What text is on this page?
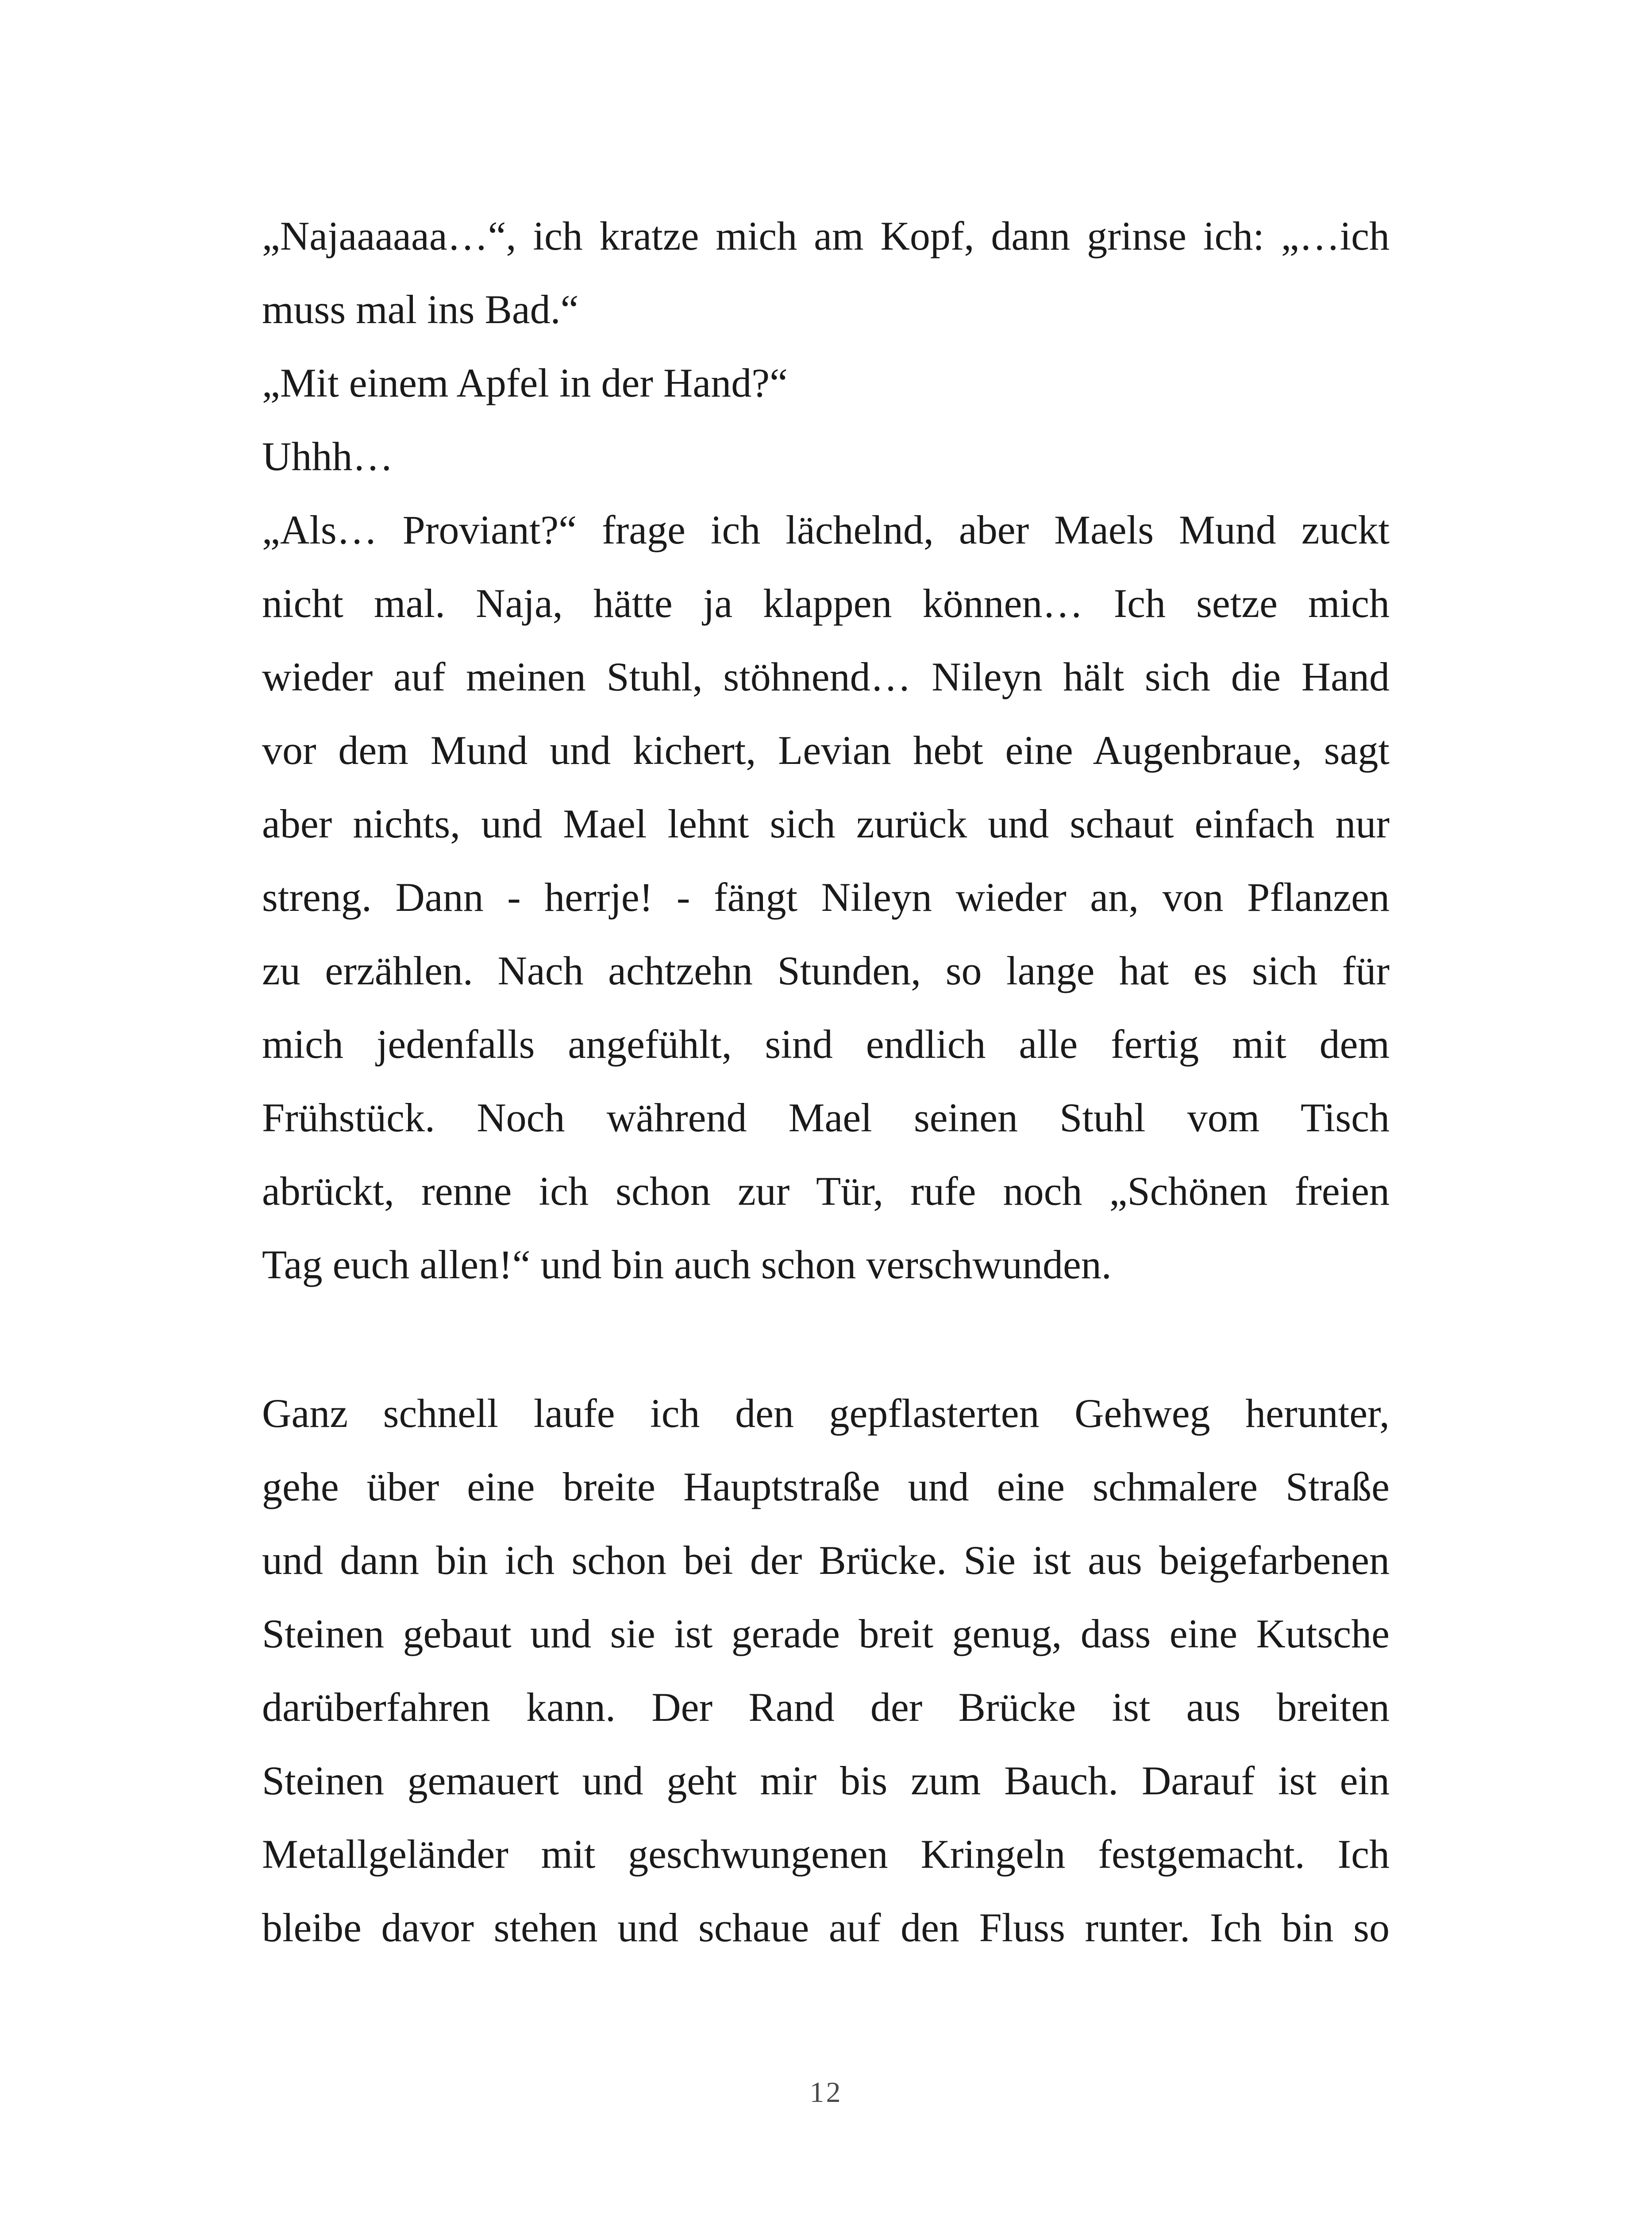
„Najaaaaaa…“, ich kratze mich am Kopf, dann grinse ich: „…ich
muss mal ins Bad.“
„Mit einem Apfel in der Hand?“
Uhhh…
„Als… Proviant?“ frage ich lächelnd, aber Maels Mund zuckt
nicht mal. Naja, hätte ja klappen können… Ich setze mich
wieder auf meinen Stuhl, stöhnend… Nileyn hält sich die Hand
vor dem Mund und kichert, Levian hebt eine Augenbraue, sagt
aber nichts, und Mael lehnt sich zurück und schaut einfach nur
streng. Dann - herrje! - fängt Nileyn wieder an, von Pflanzen
zu erzählen. Nach achtzehn Stunden, so lange hat es sich für
mich jedenfalls angefühlt, sind endlich alle fertig mit dem
Frühstück. Noch während Mael seinen Stuhl vom Tisch
abrückt, renne ich schon zur Tür, rufe noch „Schönen freien
Tag euch allen!“ und bin auch schon verschwunden.
Ganz schnell laufe ich den gepflasterten Gehweg herunter,
gehe über eine breite Hauptstraße und eine schmalere Straße
und dann bin ich schon bei der Brücke. Sie ist aus beigefarbenen
Steinen gebaut und sie ist gerade breit genug, dass eine Kutsche
darüberfahren kann. Der Rand der Brücke ist aus breiten
Steinen gemauert und geht mir bis zum Bauch. Darauf ist ein
Metallgeländer mit geschwungenen Kringeln festgemacht. Ich
bleibe davor stehen und schaue auf den Fluss runter. Ich bin so
12
